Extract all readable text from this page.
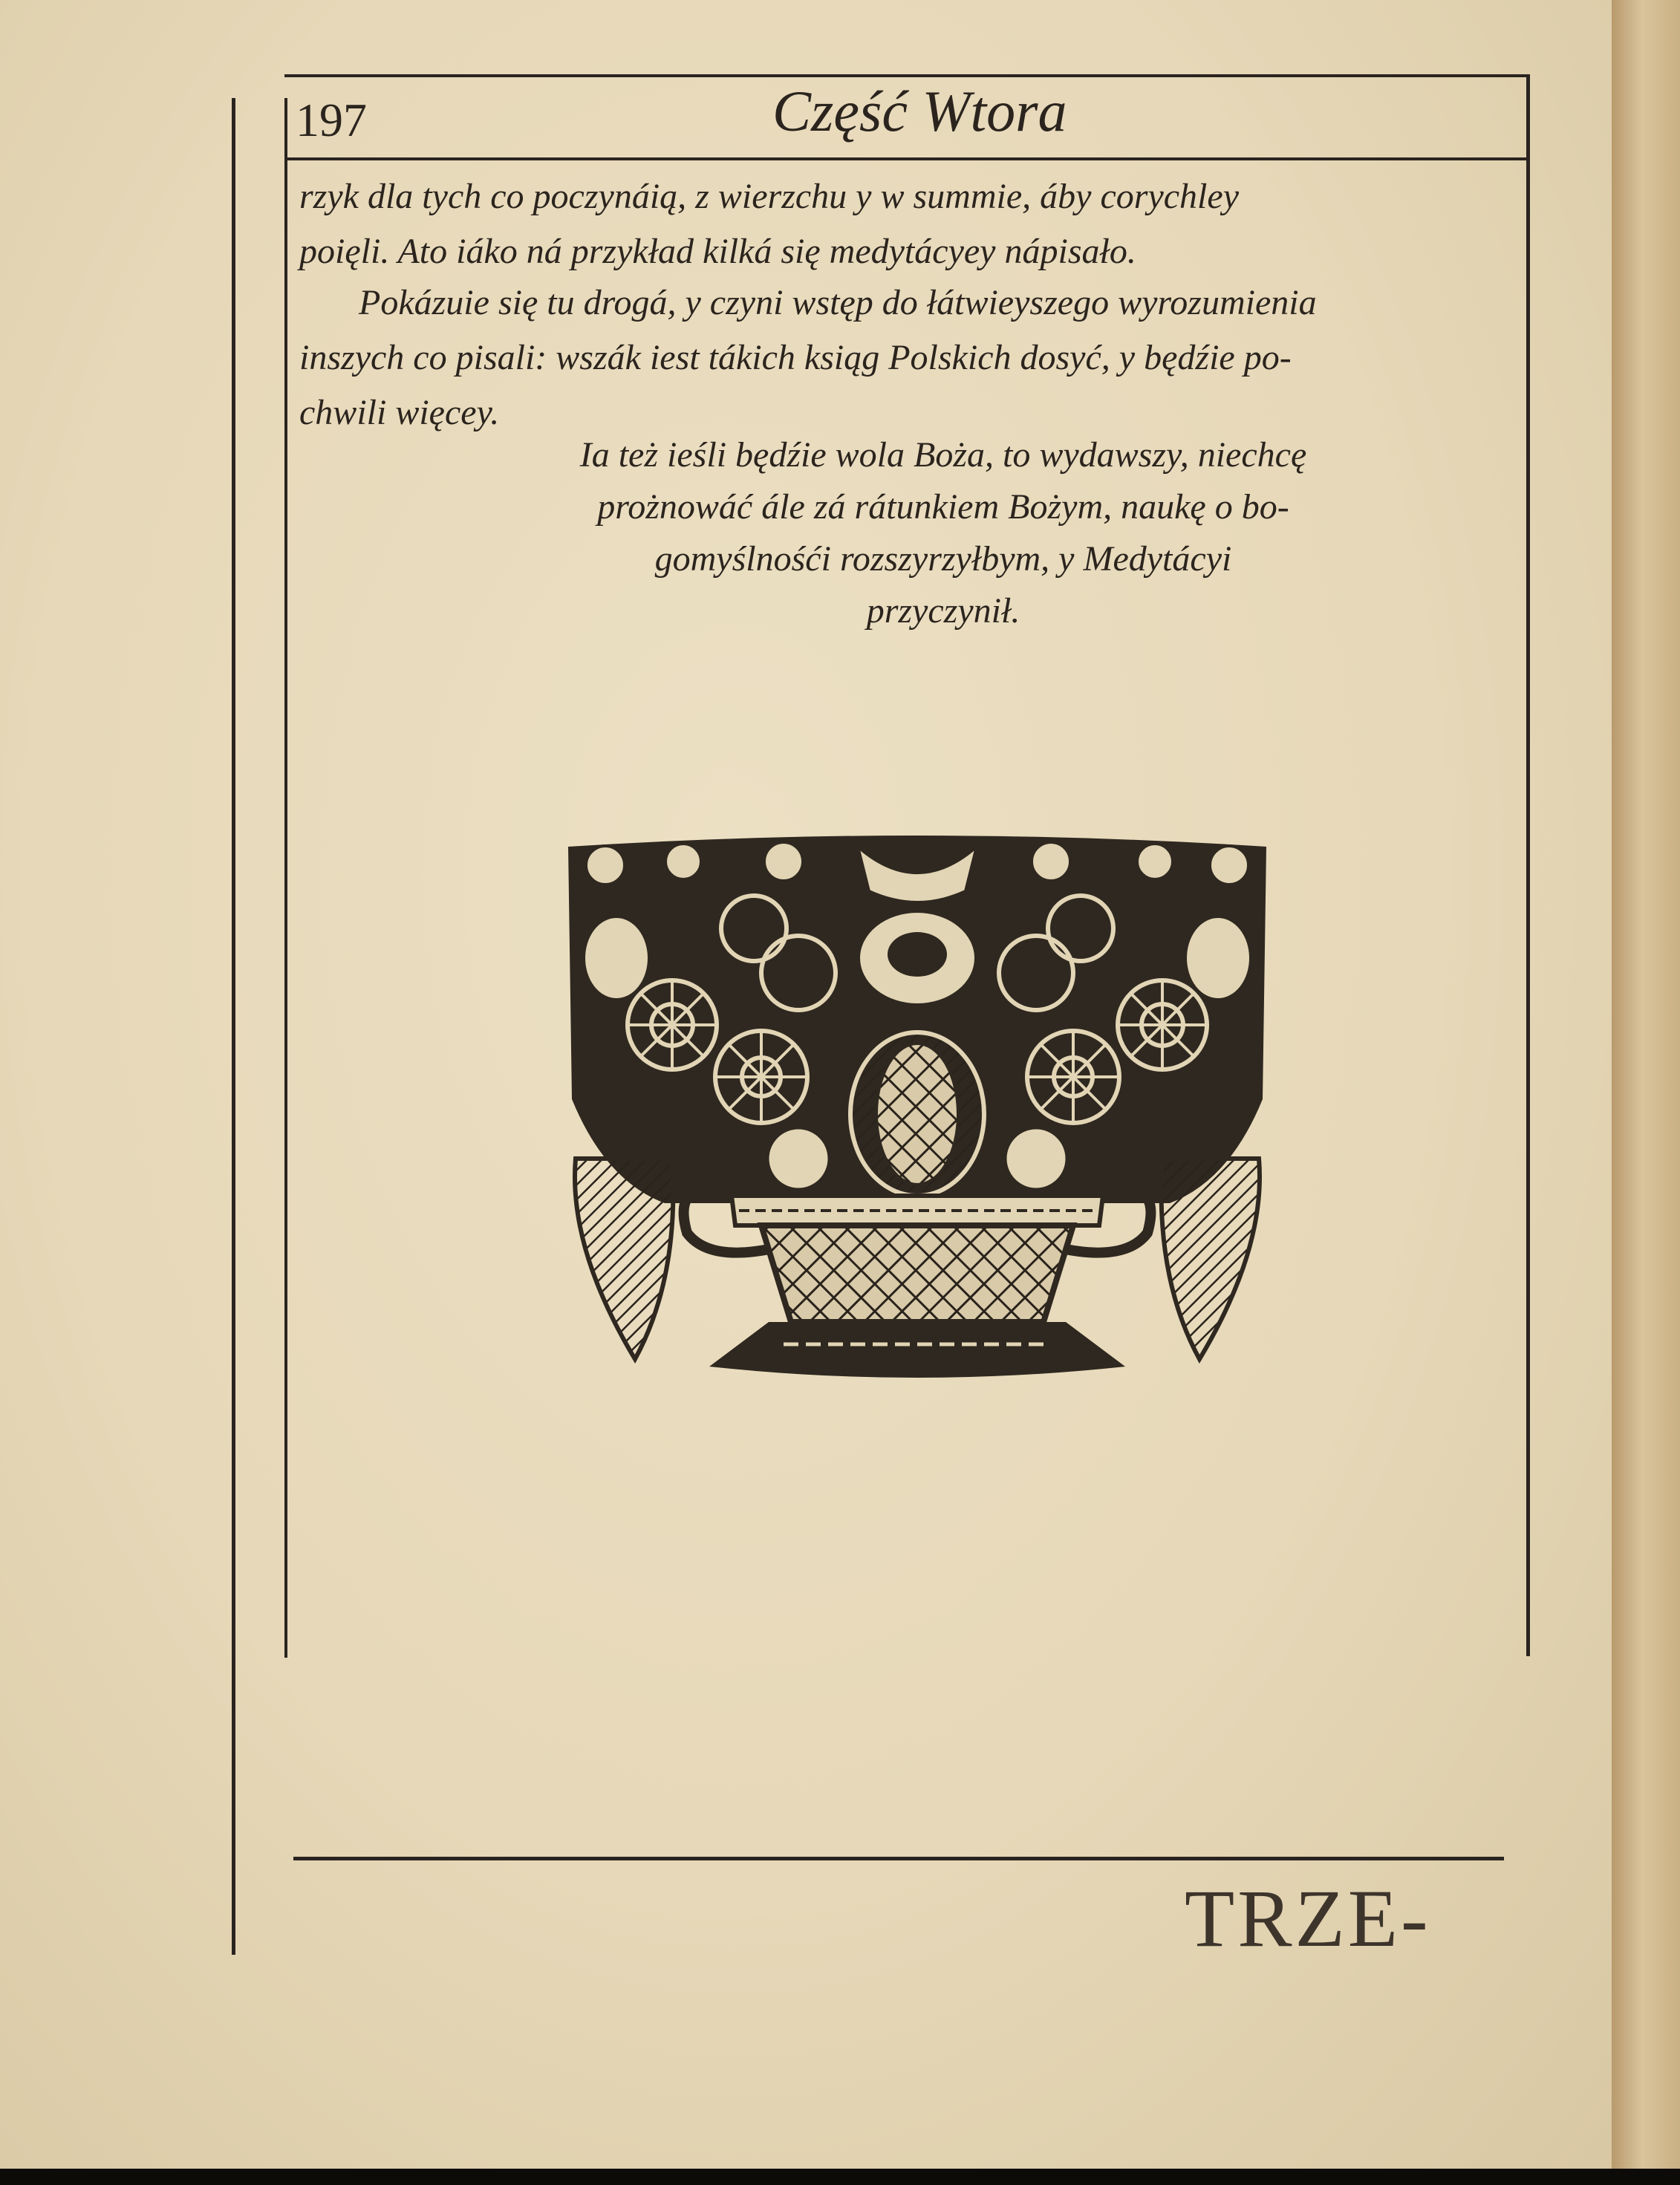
197	Część Wtora
rzyk dla tych co poczynáią, z wierzchu y w summie, áby corychley
poięli. Ato iáko ná przykład kilká się medytácyey nápisało.
Pokázuie się tu drogá, y czyni wstęp do łátwieyszego wyrozumienia
inszych co pisali: wszák iest tákich ksiąg Polskich dosyć, y będźie po-
chwili więcey.
Ia też ieśli będźie wola Boża, to wydawszy, niechcę
prożnowáć ále zá rátunkiem Bożym, naukę o bo-
gomyślnośći rozszyrzyłbym, y Medytácyi
przyczynił.
TRZE-
